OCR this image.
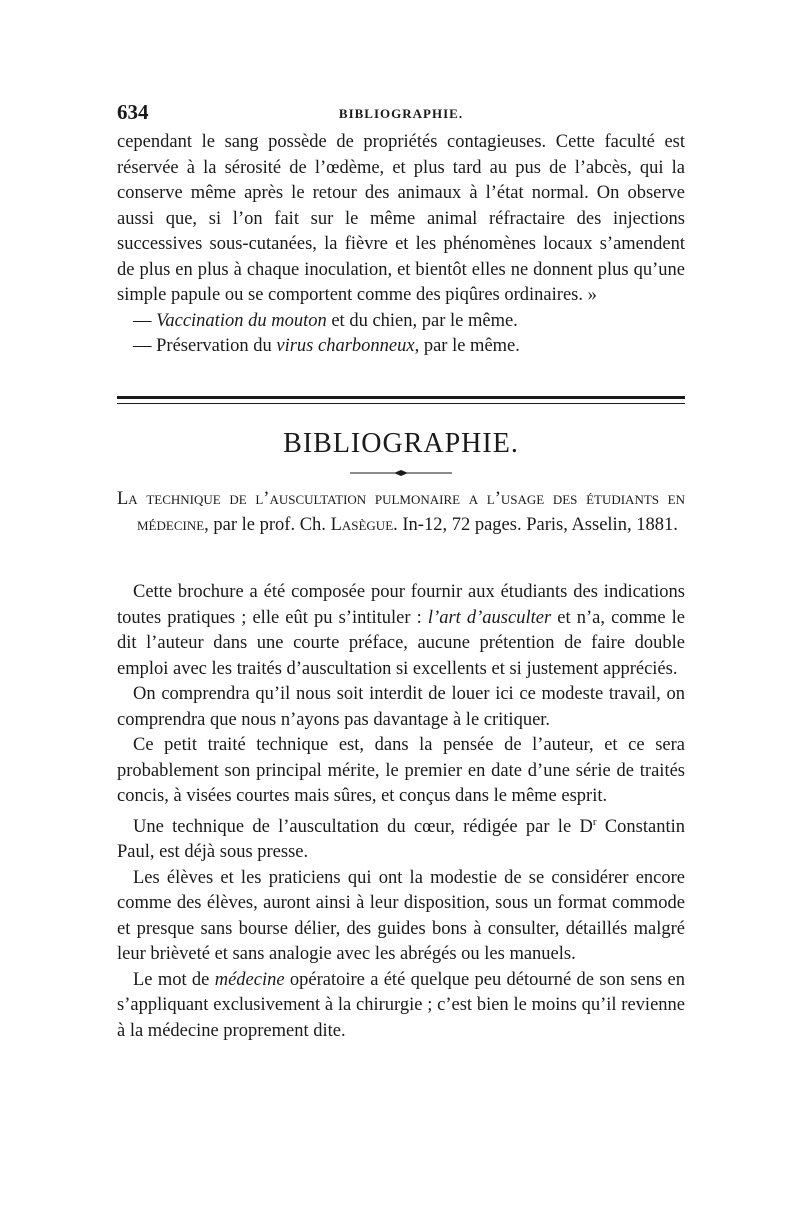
634	BIBLIOGRAPHIE.

cependant le sang possède de propriétés contagieuses. Cette faculté est réservée à la sérosité de l’œdème, et plus tard au pus de l’abcès, qui la conserve même après le retour des animaux à l’état normal. On observe aussi que, si l’on fait sur le même animal réfractaire des injections successives sous-cutanées, la fièvre et les phénomènes locaux s’amendent de plus en plus à chaque inoculation, et bientôt elles ne donnent plus qu’une simple papule ou se comportent comme des piqûres ordinaires. »

— Vaccination du mouton et du chien, par le même.

— Préservation du virus charbonneux, par le même.

BIBLIOGRAPHIE.
La technique de l’auscultation pulmonaire a l’usage des étudiants en médecine, par le prof. Ch. Lasègue. In-12, 72 pages. Paris, Asselin, 1881.

Cette brochure a été composée pour fournir aux étudiants des indications toutes pratiques ; elle eût pu s’intituler : l’art d’ausculter et n’a, comme le dit l’auteur dans une courte préface, aucune prétention de faire double emploi avec les traités d’auscultation si excellents et si justement appréciés.

On comprendra qu’il nous soit interdit de louer ici ce modeste travail, on comprendra que nous n’ayons pas davantage à le critiquer.

Ce petit traité technique est, dans la pensée de l’auteur, et ce sera probablement son principal mérite, le premier en date d’une série de traités concis, à visées courtes mais sûres, et conçus dans le même esprit.

Une technique de l’auscultation du cœur, rédigée par le $D^r$ Constantin Paul, est déjà sous presse.

Les élèves et les praticiens qui ont la modestie de se considérer encore comme des élèves, auront ainsi à leur disposition, sous un format commode et presque sans bourse délier, des guides bons à consulter, détaillés malgré leur brièveté et sans analogie avec les abrégés ou les manuels.

Le mot de médecine opératoire a été quelque peu détourné de son sens en s’appliquant exclusivement à la chirurgie ; c’est bien le moins qu’il revienne à la médecine proprement dite.
